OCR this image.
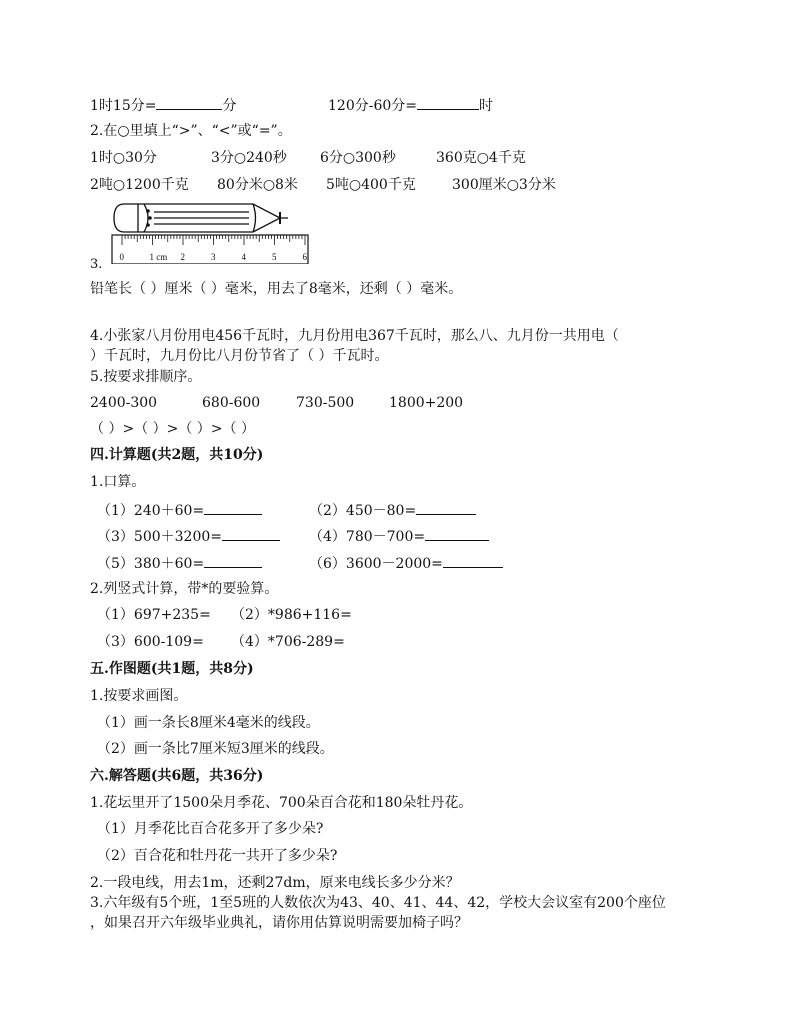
1时15分=	分	120分-60分=	时
2.在○里填上“>”、“<”或“=”。
1时○30分	3分○240秒 6分○300秒	360克○4千克
2吨○1200千克 80分米○8米 5吨○400千克	300厘米○3分米
0	1 cm 2	3	4	5	6
3.
铅笔长（ ）厘米（ ）毫米，用去了8毫米，还剩（ ）毫米。
4.小张家八月份用电456千瓦时，九月份用电367千瓦时，那么八、九月份一共用电（
）千瓦时，九月份比八月份节省了（ ）千瓦时。
5.按要求排顺序。
2400-300	680-600	730-500 1800+200
（ ）>（ ）>（ ）>（ ）
四.计算题(共2题，共10分)
1.口算。
（1）240＋60=	（2）450－80=
（3）500＋3200=	（4）780－700=
（5）380＋60=	（6）3600－2000=
2.列竖式计算，带*的要验算。
（1）697+235= （2）*986+116=
（3）600-109= （4）*706-289=
五.作图题(共1题，共8分)
1.按要求画图。
（1）画一条长8厘米4毫米的线段。
（2）画一条比7厘米短3厘米的线段。
六.解答题(共6题，共36分)
1.花坛里开了1500朵月季花、700朵百合花和180朵牡丹花。
（1）月季花比百合花多开了多少朵?
（2）百合花和牡丹花一共开了多少朵?
2.一段电线，用去1m，还剩27dm，原来电线长多少分米？
3.六年级有5个班，1至5班的人数依次为43、40、41、44、42，学校大会议室有200个座位
，如果召开六年级毕业典礼，请你用估算说明需要加椅子吗？
